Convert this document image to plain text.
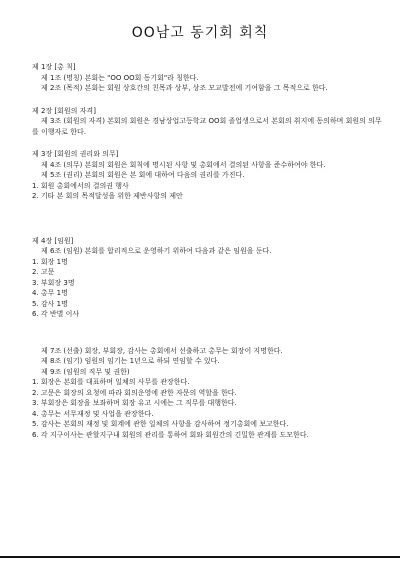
OO남고 동기회 회칙
제 1장 [총 칙]
제 1조 (명칭) 본회는 "OO OO회 동기회"라 칭한다.
제 2조 (목적) 본회는 회원 상호간의 친목과 상부, 상조 모교발전에 기여함을 그 목적으로 한다.
제 2장 [회원의 자격]
제 3조 (회원의 자격) 본회의 회원은 경남상업고등학교 OO회 졸업생으로서 본회의 취지에 동의하며 회원의 의무를 이행자로 한다.
제 3장 [회원의 권리와 의무]
제 4조 (의무) 본회의 회원은 회칙에 명시된 사항 및 총회에서 결의된 사항을 준수하여야 한다.
제 5조 (권리) 본회의 회원은 본 회에 대하여 다음의 권리를 가진다.
1. 회원 총회에서의 결의권 행사
2. 기타 본 회의 목적달성을 위한 제반사항의 제안
제 4장 [임원]
제 6조 (임원) 본회를 합리적으로 운영하기 위하여 다음과 같은 임원을 둔다.
1. 회장 1명
2. 고문
3. 부회장 3명
4. 총무 1명
5. 감사 1명
6. 각 반별 이사
제 7조 (선출) 회장, 부회장, 감사는 총회에서 선출하고 총무는 회장이 지명한다.
제 8조 (임기) 임원의 임기는 1년으로 하되 연임할 수 있다.
제 9조 (임원의 직무 및 권한)
1. 회장은 본회를 대표하며 일체의 사무를 관장한다.
2. 고문은 회장의 요청에 따라 회의운영에 관한 자문의 역할을 한다.
3. 부회장은 회장을 보좌하며 회장 유고 시에는 그 직무를 대행한다.
4. 총무는 서무재정 및 사업을 관장한다.
5. 감사는 본회의 재정 및 회계에 관한 일체의 사항을 감사하여 정기총회에 보고한다.
6. 각 지구이사는 관할지구내 회원의 관리를 통하여 회와 회원간의 긴밀한 관계를 도모한다.
